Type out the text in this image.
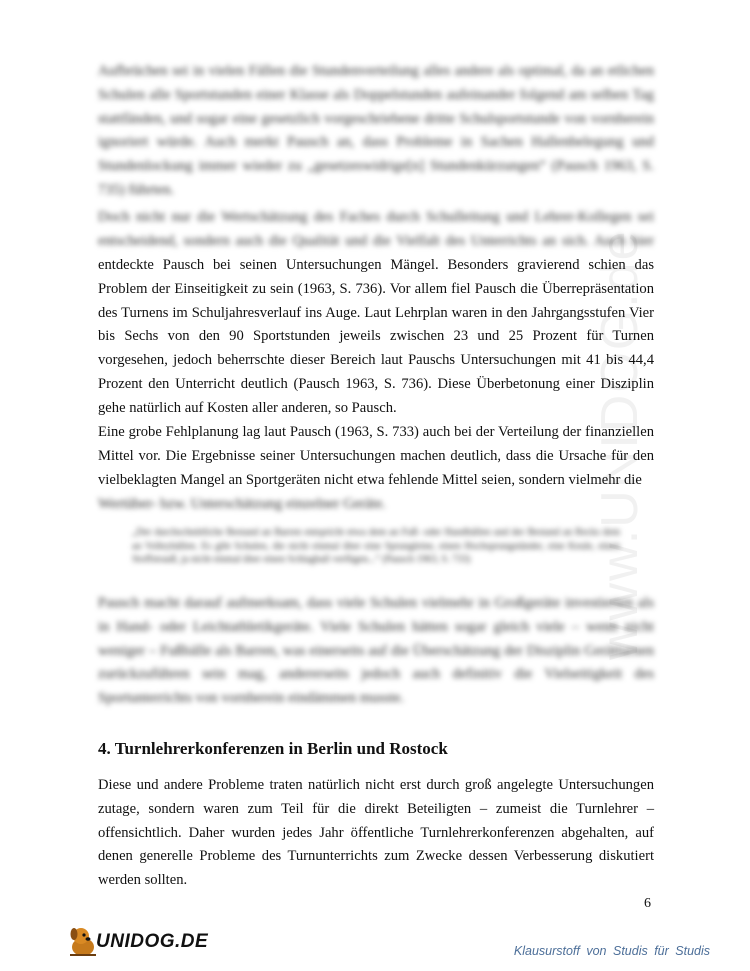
www.UNIDOG.de

Aufbrüchen sei in vielen Fällen die Stundenverteilung alles andere als optimal, da an etlichen Schulen alle Sportstunden einer Klasse als Doppelstunden aufeinander folgend am selben Tag stattfänden, und sogar eine gesetzlich vorgeschriebene dritte Schulsportstunde von vornherein ignoriert würde. Auch merkt Pausch an, dass Probleme in Sachen Hallenbelegung und Stundenlockung immer wieder zu „gesetzeswidrige[n] Stundenkürzungen“ (Pausch 1963, S. 735) führten.

Doch nicht nur die Wertschätzung des Faches durch Schulleitung und Lehrer-Kollegen sei

entscheidend, sondern auch die Qualität und die Vielfalt des Unterrichts an sich. Auch hier

entdeckte Pausch bei seinen Untersuchungen Mängel. Besonders gravierend schien das Problem der Einseitigkeit zu sein (1963, S. 736). Vor allem fiel Pausch die Überrepräsentation des Turnens im Schuljahresverlauf ins Auge. Laut Lehrplan waren in den Jahrgangsstufen Vier bis Sechs von den 90 Sportstunden jeweils zwischen 23 und 25 Prozent für Turnen vorgesehen, jedoch beherrschte dieser Bereich laut Pauschs Untersuchungen mit 41 bis 44,4 Prozent den Unterricht deutlich (Pausch 1963, S. 736). Diese Überbetonung einer Disziplin gehe natürlich auf Kosten aller anderen, so Pausch.

Eine grobe Fehlplanung lag laut Pausch (1963, S. 733) auch bei der Verteilung der finanziellen Mittel vor. Die Ergebnisse seiner Untersuchungen machen deutlich, dass die Ursache für den vielbeklagten Mangel an Sportgeräten nicht etwa fehlende Mittel seien, sondern vielmehr die

Wertüber- bzw. Unterschätzung einzelner Geräte.

„Der durchschnittliche Bestand an Barren entspricht etwa dem an Fuß- oder Handbällen und der Bestand an Recks dem an Volleybällen. Es gibt Schulen, die nicht einmal über eine Sprungleine, einen Hochsprungständer, eine Keule, einen Stoffstrauß, ja nicht einmal über einen Schlagball verfügen...“ (Pausch 1963, S. 733)

Pausch macht darauf aufmerksam, dass viele Schulen vielmehr in Großgeräte investierten als in Hand- oder Leichtathletikgeräte. Viele Schulen hätten sogar gleich viele – wenn nicht weniger – Fußbälle als Barren, was einerseits auf die Überschätzung der Disziplin Gerätturnen zurückzuführen sein mag, andererseits jedoch auch definitiv die Vielseitigkeit des Sportunterrichts von vornherein eindämmen musste.

4. Turnlehrerkonferenzen in Berlin und Rostock

Diese und andere Probleme traten natürlich nicht erst durch groß angelegte Untersuchungen zutage, sondern waren zum Teil für die direkt Beteiligten – zumeist die Turnlehrer – offensichtlich. Daher wurden jedes Jahr öffentliche Turnlehrerkonferenzen abgehalten, auf denen generelle Probleme des Turnunterrichts zum Zwecke dessen Verbesserung diskutiert werden sollten.

6
UNIDOG.DE	Klausurstoff von Studis für Studis
